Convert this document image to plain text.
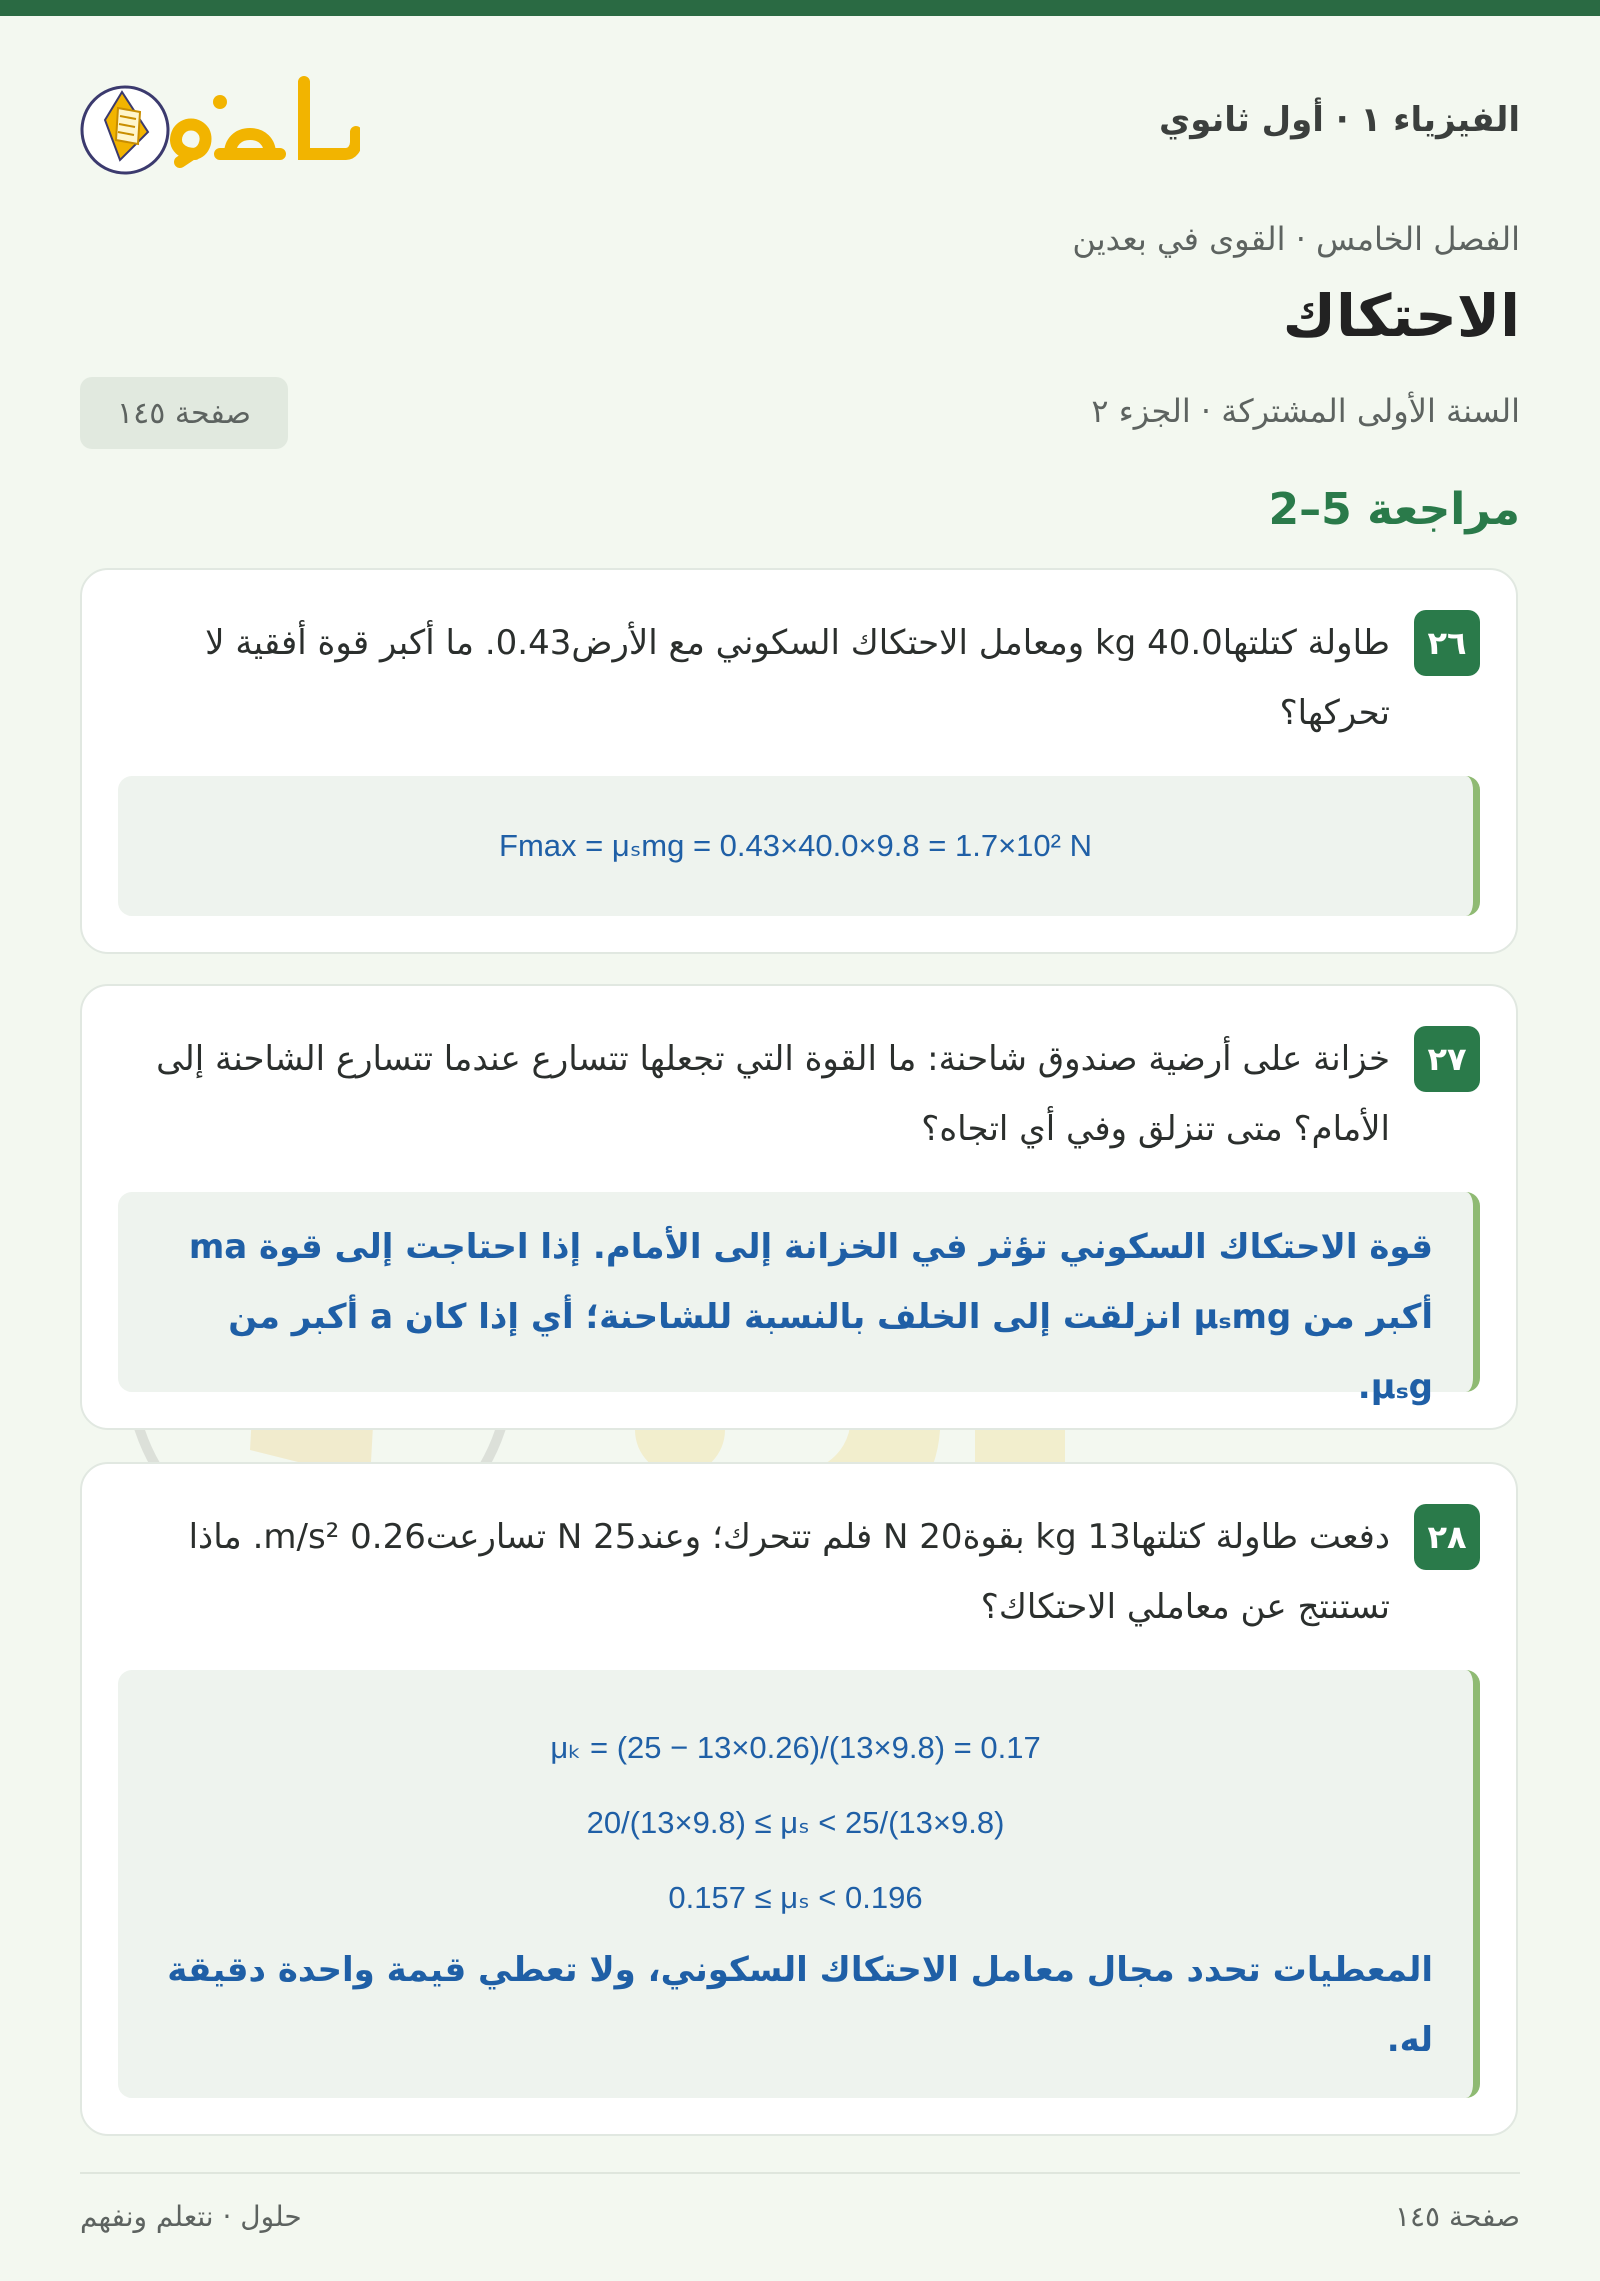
الفيزياء ١ · أول ثانوي
الفصل الخامس · القوى في بعدين
الاحتكاك
السنة الأولى المشتركة · الجزء ٢
صفحة ١٤٥
مراجعة 5–2
٢٦
طاولة كتلتها40.0 kg ومعامل الاحتكاك السكوني مع الأرض0.43. ما أكبر قوة أفقية لا تحركها؟
Fmax = μₛmg = 0.43×40.0×9.8 = 1.7×10² N
٢٧
خزانة على أرضية صندوق شاحنة: ما القوة التي تجعلها تتسارع عندما تتسارع الشاحنة إلى الأمام؟ متى تنزلق وفي أي اتجاه؟
قوة الاحتكاك السكوني تؤثر في الخزانة إلى الأمام. إذا احتاجت إلى قوة ma أكبر من μₛmg انزلقت إلى الخلف بالنسبة للشاحنة؛ أي إذا كان a أكبر من μₛg.
٢٨
دفعت طاولة كتلتها13 kg بقوة20 N فلم تتحرك؛ وعند25 N تسارعت0.26 m/s². ماذا تستنتج عن معاملي الاحتكاك؟
μₖ = (25 − 13×0.26)/(13×9.8) = 0.17
20/(13×9.8) ≤ μₛ < 25/(13×9.8)
0.157 ≤ μₛ < 0.196
المعطيات تحدد مجال معامل الاحتكاك السكوني، ولا تعطي قيمة واحدة دقيقة له.
صفحة ١٤٥
حلول · نتعلم ونفهم
